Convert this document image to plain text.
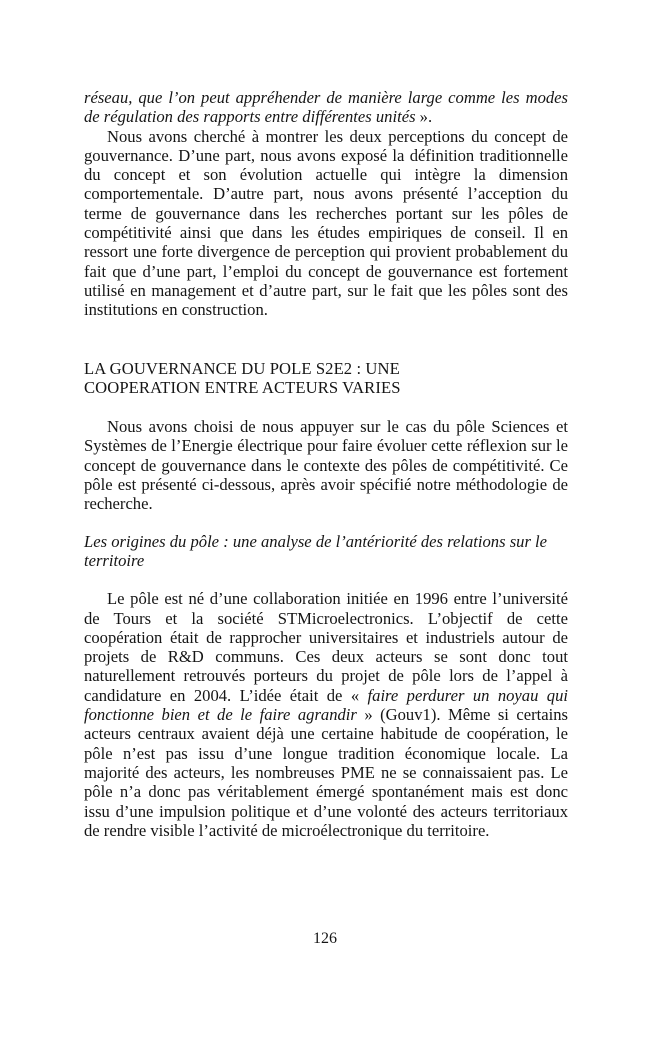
réseau, que l’on peut appréhender de manière large comme les modes de régulation des rapports entre différentes unités ».

Nous avons cherché à montrer les deux perceptions du concept de gouvernance. D’une part, nous avons exposé la définition traditionnelle du concept et son évolution actuelle qui intègre la dimension comportementale. D’autre part, nous avons présenté l’acception du terme de gouvernance dans les recherches portant sur les pôles de compétitivité ainsi que dans les études empiriques de conseil. Il en ressort une forte divergence de perception qui provient probablement du fait que d’une part, l’emploi du concept de gouvernance est fortement utilisé en management et d’autre part, sur le fait que les pôles sont des institutions en construction.

LA GOUVERNANCE DU POLE S2E2 : UNE
COOPERATION ENTRE ACTEURS VARIES

Nous avons choisi de nous appuyer sur le cas du pôle Sciences et Systèmes de l’Energie électrique pour faire évoluer cette réflexion sur le concept de gouvernance dans le contexte des pôles de compétitivité. Ce pôle est présenté ci-dessous, après avoir spécifié notre méthodologie de recherche.

Les origines du pôle : une analyse de l’antériorité des relations sur le territoire

Le pôle est né d’une collaboration initiée en 1996 entre l’université de Tours et la société STMicroelectronics. L’objectif de cette coopération était de rapprocher universitaires et industriels autour de projets de R&D communs. Ces deux acteurs se sont donc tout naturellement retrouvés porteurs du projet de pôle lors de l’appel à candidature en 2004. L’idée était de « faire perdurer un noyau qui fonctionne bien et de le faire agrandir » (Gouv1). Même si certains acteurs centraux avaient déjà une certaine habitude de coopération, le pôle n’est pas issu d’une longue tradition économique locale. La majorité des acteurs, les nombreuses PME ne se connaissaient pas. Le pôle n’a donc pas véritablement émergé spontanément mais est donc issu d’une impulsion politique et d’une volonté des acteurs territoriaux de rendre visible l’activité de microélectronique du territoire.

126
